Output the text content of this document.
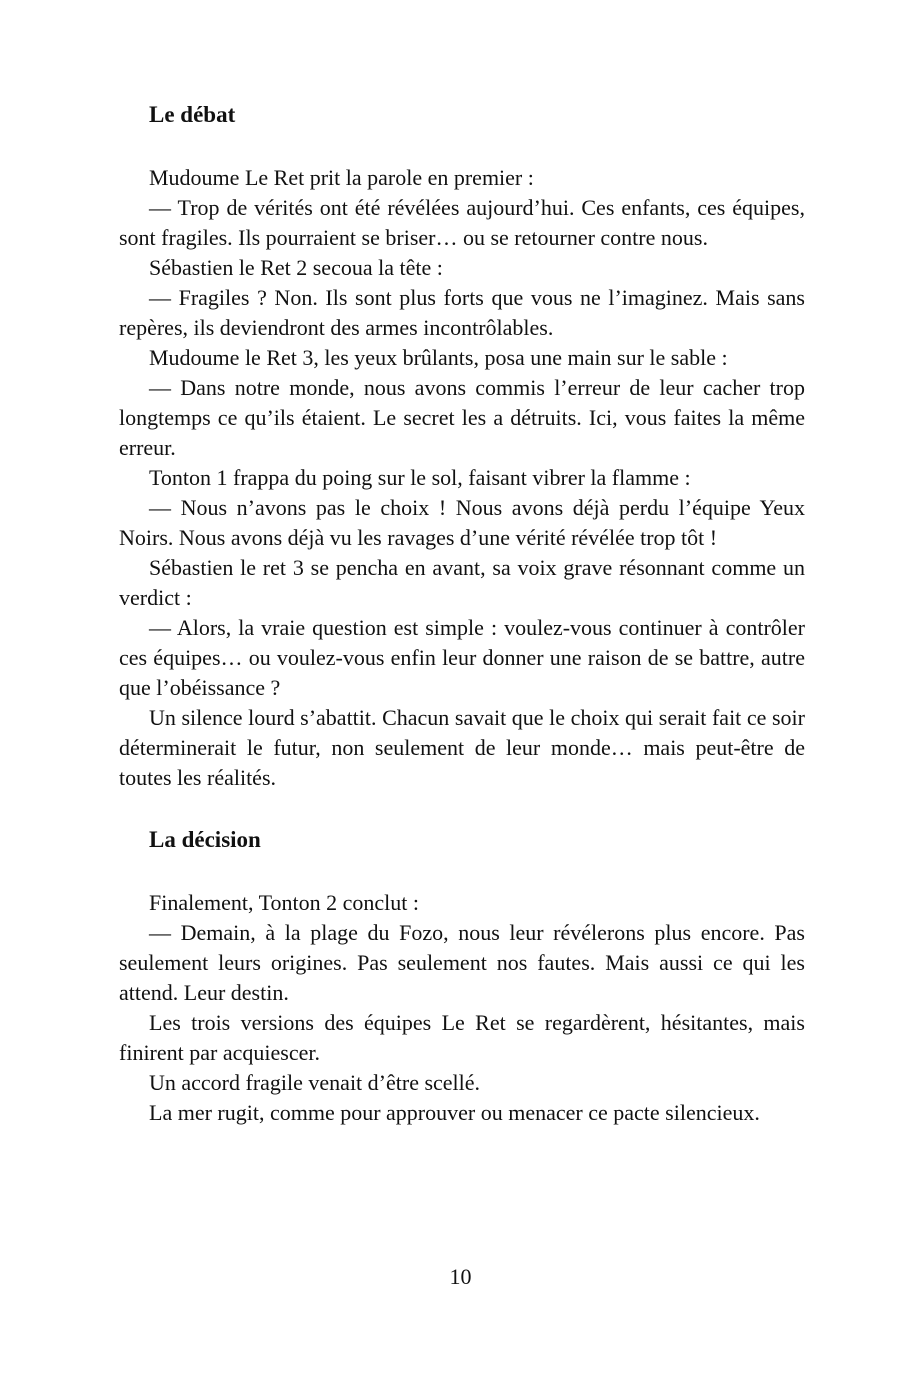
Le débat

Mudoume Le Ret prit la parole en premier :

— Trop de vérités ont été révélées aujourd’hui. Ces enfants, ces équipes, sont fragiles. Ils pourraient se briser… ou se retourner contre nous.

Sébastien le Ret 2 secoua la tête :

— Fragiles ? Non. Ils sont plus forts que vous ne l’imaginez. Mais sans repères, ils deviendront des armes incontrôlables.

Mudoume le Ret 3, les yeux brûlants, posa une main sur le sable :

— Dans notre monde, nous avons commis l’erreur de leur cacher trop longtemps ce qu’ils étaient. Le secret les a détruits. Ici, vous faites la même erreur.

Tonton 1 frappa du poing sur le sol, faisant vibrer la flamme :

— Nous n’avons pas le choix ! Nous avons déjà perdu l’équipe Yeux Noirs. Nous avons déjà vu les ravages d’une vérité révélée trop tôt !

Sébastien le ret 3 se pencha en avant, sa voix grave résonnant comme un verdict :

— Alors, la vraie question est simple : voulez-vous continuer à contrôler ces équipes… ou voulez-vous enfin leur donner une raison de se battre, autre que l’obéissance ?

Un silence lourd s’abattit. Chacun savait que le choix qui serait fait ce soir déterminerait le futur, non seulement de leur monde… mais peut-être de toutes les réalités.

La décision

Finalement, Tonton 2 conclut :

— Demain, à la plage du Fozo, nous leur révélerons plus encore. Pas seulement leurs origines. Pas seulement nos fautes. Mais aussi ce qui les attend. Leur destin.

Les trois versions des équipes Le Ret se regardèrent, hésitantes, mais finirent par acquiescer.

Un accord fragile venait d’être scellé.

La mer rugit, comme pour approuver ou menacer ce pacte silencieux.

10
